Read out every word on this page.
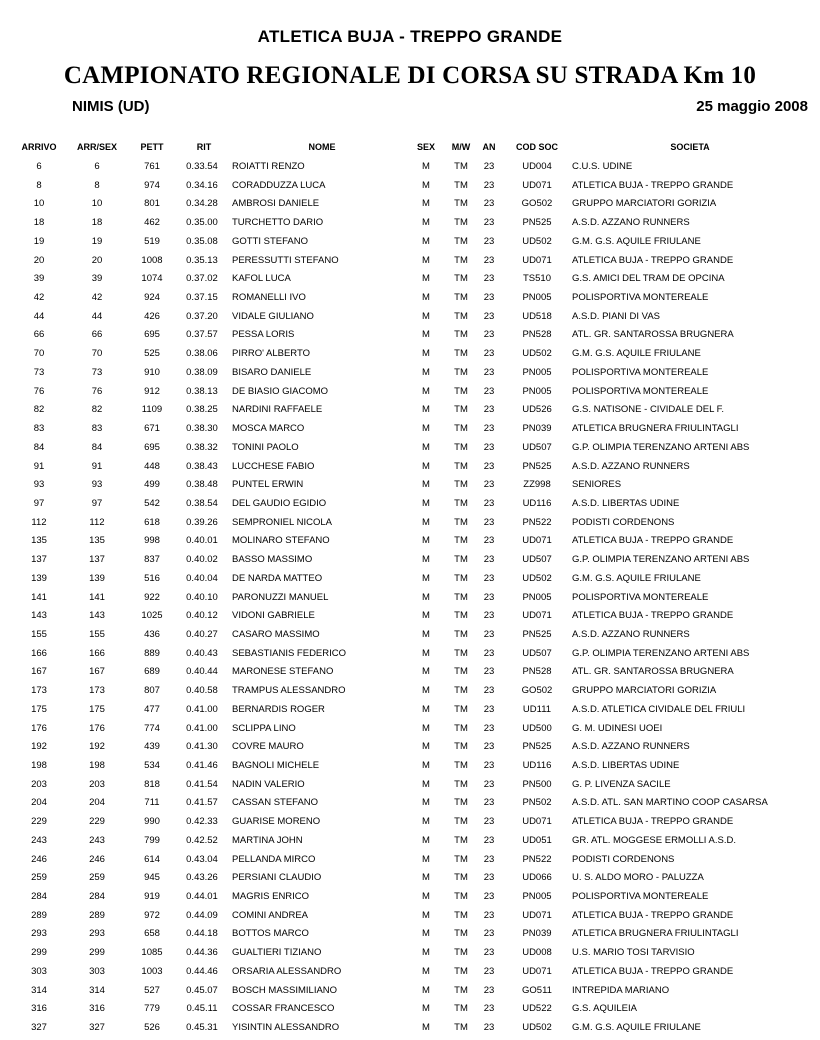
ATLETICA BUJA - TREPPO GRANDE
CAMPIONATO REGIONALE DI CORSA SU STRADA Km 10
NIMIS (UD)	25 maggio 2008
ARRIVO	ARR/SEX	PETT	RIT	NOME	SEX	M/W	AN	COD SOC	SOCIETA
6	6	761	0.33.54	ROIATTI RENZO	M	TM	23	UD004	C.U.S. UDINE
8	8	974	0.34.16	CORADDUZZA LUCA	M	TM	23	UD071	ATLETICA BUJA - TREPPO GRANDE
10	10	801	0.34.28	AMBROSI DANIELE	M	TM	23	GO502	GRUPPO MARCIATORI GORIZIA
18	18	462	0.35.00	TURCHETTO DARIO	M	TM	23	PN525	A.S.D. AZZANO RUNNERS
19	19	519	0.35.08	GOTTI STEFANO	M	TM	23	UD502	G.M. G.S. AQUILE FRIULANE
20	20	1008	0.35.13	PERESSUTTI STEFANO	M	TM	23	UD071	ATLETICA BUJA - TREPPO GRANDE
39	39	1074	0.37.02	KAFOL LUCA	M	TM	23	TS510	G.S. AMICI DEL TRAM DE OPCINA
42	42	924	0.37.15	ROMANELLI IVO	M	TM	23	PN005	POLISPORTIVA MONTEREALE
44	44	426	0.37.20	VIDALE GIULIANO	M	TM	23	UD518	A.S.D. PIANI DI VAS
66	66	695	0.37.57	PESSA LORIS	M	TM	23	PN528	ATL. GR. SANTAROSSA BRUGNERA
70	70	525	0.38.06	PIRRO' ALBERTO	M	TM	23	UD502	G.M. G.S. AQUILE FRIULANE
73	73	910	0.38.09	BISARO DANIELE	M	TM	23	PN005	POLISPORTIVA MONTEREALE
76	76	912	0.38.13	DE BIASIO GIACOMO	M	TM	23	PN005	POLISPORTIVA MONTEREALE
82	82	1109	0.38.25	NARDINI RAFFAELE	M	TM	23	UD526	G.S. NATISONE - CIVIDALE DEL F.
83	83	671	0.38.30	MOSCA MARCO	M	TM	23	PN039	ATLETICA BRUGNERA FRIULINTAGLI
84	84	695	0.38.32	TONINI PAOLO	M	TM	23	UD507	G.P. OLIMPIA TERENZANO ARTENI ABS
91	91	448	0.38.43	LUCCHESE FABIO	M	TM	23	PN525	A.S.D. AZZANO RUNNERS
93	93	499	0.38.48	PUNTEL ERWIN	M	TM	23	ZZ998	SENIORES
97	97	542	0.38.54	DEL GAUDIO EGIDIO	M	TM	23	UD116	A.S.D. LIBERTAS UDINE
112	112	618	0.39.26	SEMPRONIEL NICOLA	M	TM	23	PN522	PODISTI CORDENONS
135	135	998	0.40.01	MOLINARO STEFANO	M	TM	23	UD071	ATLETICA BUJA - TREPPO GRANDE
137	137	837	0.40.02	BASSO MASSIMO	M	TM	23	UD507	G.P. OLIMPIA TERENZANO ARTENI ABS
139	139	516	0.40.04	DE NARDA MATTEO	M	TM	23	UD502	G.M. G.S. AQUILE FRIULANE
141	141	922	0.40.10	PARONUZZI MANUEL	M	TM	23	PN005	POLISPORTIVA MONTEREALE
143	143	1025	0.40.12	VIDONI GABRIELE	M	TM	23	UD071	ATLETICA BUJA - TREPPO GRANDE
155	155	436	0.40.27	CASARO MASSIMO	M	TM	23	PN525	A.S.D. AZZANO RUNNERS
166	166	889	0.40.43	SEBASTIANIS FEDERICO	M	TM	23	UD507	G.P. OLIMPIA TERENZANO ARTENI ABS
167	167	689	0.40.44	MARONESE STEFANO	M	TM	23	PN528	ATL. GR. SANTAROSSA BRUGNERA
173	173	807	0.40.58	TRAMPUS ALESSANDRO	M	TM	23	GO502	GRUPPO MARCIATORI GORIZIA
175	175	477	0.41.00	BERNARDIS ROGER	M	TM	23	UD111	A.S.D. ATLETICA CIVIDALE DEL FRIULI
176	176	774	0.41.00	SCLIPPA LINO	M	TM	23	UD500	G. M. UDINESI UOEI
192	192	439	0.41.30	COVRE MAURO	M	TM	23	PN525	A.S.D. AZZANO RUNNERS
198	198	534	0.41.46	BAGNOLI MICHELE	M	TM	23	UD116	A.S.D. LIBERTAS UDINE
203	203	818	0.41.54	NADIN VALERIO	M	TM	23	PN500	G. P. LIVENZA SACILE
204	204	711	0.41.57	CASSAN STEFANO	M	TM	23	PN502	A.S.D. ATL. SAN MARTINO COOP CASARSA
229	229	990	0.42.33	GUARISE MORENO	M	TM	23	UD071	ATLETICA BUJA - TREPPO GRANDE
243	243	799	0.42.52	MARTINA JOHN	M	TM	23	UD051	GR. ATL. MOGGESE ERMOLLI A.S.D.
246	246	614	0.43.04	PELLANDA MIRCO	M	TM	23	PN522	PODISTI CORDENONS
259	259	945	0.43.26	PERSIANI CLAUDIO	M	TM	23	UD066	U. S. ALDO MORO - PALUZZA
284	284	919	0.44.01	MAGRIS ENRICO	M	TM	23	PN005	POLISPORTIVA MONTEREALE
289	289	972	0.44.09	COMINI ANDREA	M	TM	23	UD071	ATLETICA BUJA - TREPPO GRANDE
293	293	658	0.44.18	BOTTOS MARCO	M	TM	23	PN039	ATLETICA BRUGNERA FRIULINTAGLI
299	299	1085	0.44.36	GUALTIERI TIZIANO	M	TM	23	UD008	U.S. MARIO TOSI TARVISIO
303	303	1003	0.44.46	ORSARIA ALESSANDRO	M	TM	23	UD071	ATLETICA BUJA - TREPPO GRANDE
314	314	527	0.45.07	BOSCH MASSIMILIANO	M	TM	23	GO511	INTREPIDA MARIANO
316	316	779	0.45.11	COSSAR FRANCESCO	M	TM	23	UD522	G.S. AQUILEIA
327	327	526	0.45.31	YISINTIN ALESSANDRO	M	TM	23	UD502	G.M. G.S. AQUILE FRIULANE
